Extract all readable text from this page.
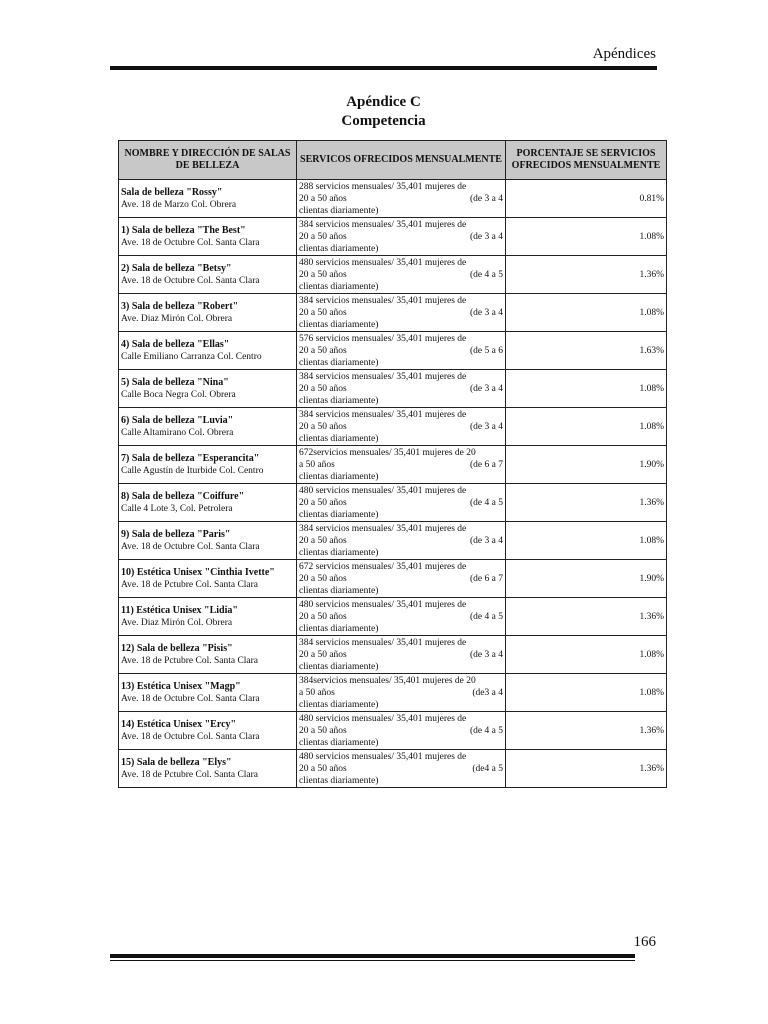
Apéndices
Apéndice C
Competencia
NOMBRE Y DIRECCIÓN DE SALAS DE BELLEZA	SERVICOS OFRECIDOS MENSUALMENTE	PORCENTAJE SE SERVICIOS OFRECIDOS MENSUALMENTE

Sala de belleza "Rossy"
Ave. 18 de Marzo Col. Obrera	288 servicios mensuales/ 35,401 mujeres de
20 a 50 años (de 3 a 4
clientas diariamente)	0.81%

1) Sala de belleza "The Best"
Ave. 18 de Octubre Col. Santa Clara	384 servicios mensuales/ 35,401 mujeres de
20 a 50 años (de 3 a 4
clientas diariamente)	1.08%

2) Sala de belleza "Betsy"
Ave. 18 de Octubre Col. Santa Clara	480 servicios mensuales/ 35,401 mujeres de
20 a 50 años (de 4 a 5
clientas diariamente)	1.36%

3) Sala de belleza "Robert"
Ave. Diaz Mirón Col. Obrera	384 servicios mensuales/ 35,401 mujeres de
20 a 50 años (de 3 a 4
clientas diariamente)	1.08%

4) Sala de belleza "Ellas"
Calle Emiliano Carranza Col. Centro	576 servicios mensuales/ 35,401 mujeres de
20 a 50 años (de 5 a 6
clientas diariamente)	1.63%

5) Sala de belleza "Nina"
Calle Boca Negra Col. Obrera	384 servicios mensuales/ 35,401 mujeres de
20 a 50 años (de 3 a 4
clientas diariamente)	1.08%

6) Sala de belleza "Luvia"
Calle Altamirano Col. Obrera	384 servicios mensuales/ 35,401 mujeres de
20 a 50 años (de 3 a 4
clientas diariamente)	1.08%

7) Sala de belleza "Esperancita"
Calle Agustín de Iturbide Col. Centro	672servicios mensuales/ 35,401 mujeres de 20
a 50 años (de 6 a 7
clientas diariamente)	1.90%

8) Sala de belleza "Coiffure"
Calle 4 Lote 3, Col. Petrolera	480 servicios mensuales/ 35,401 mujeres de
20 a 50 años (de 4 a 5
clientas diariamente)	1.36%

9) Sala de belleza "Paris"
Ave. 18 de Octubre Col. Santa Clara	384 servicios mensuales/ 35,401 mujeres de
20 a 50 años (de 3 a 4
clientas diariamente)	1.08%

10) Estética Unisex "Cinthia Ivette"
Ave. 18 de Pctubre Col. Santa Clara	672 servicios mensuales/ 35,401 mujeres de
20 a 50 años (de 6 a 7
clientas diariamente)	1.90%

11) Estética Unisex "Lidia"
Ave. Diaz Mirón Col. Obrera	480 servicios mensuales/ 35,401 mujeres de
20 a 50 años (de 4 a 5
clientas diariamente)	1.36%

12) Sala de belleza "Pisis"
Ave. 18 de Pctubre Col. Santa Clara	384 servicios mensuales/ 35,401 mujeres de
20 a 50 años (de 3 a 4
clientas diariamente)	1.08%

13) Estética Unisex "Magp"
Ave. 18 de Octubre Col. Santa Clara	384servicios mensuales/ 35,401 mujeres de 20
a 50 años (de3 a 4
clientas diariamente)	1.08%

14) Estética Unisex "Ercy"
Ave. 18 de Octubre Col. Santa Clara	480 servicios mensuales/ 35,401 mujeres de
20 a 50 años (de 4 a 5
clientas diariamente)	1.36%

15) Sala de belleza "Elys"
Ave. 18 de Pctubre Col. Santa Clara	480 servicios mensuales/ 35,401 mujeres de
20 a 50 años (de4 a 5
clientas diariamente)	1.36%
166
